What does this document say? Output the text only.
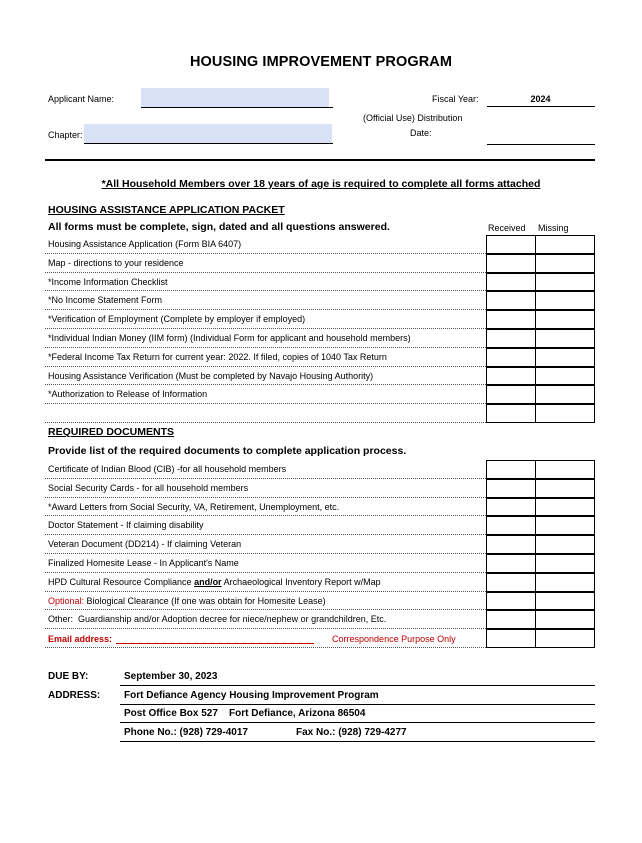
HOUSING IMPROVEMENT PROGRAM
Applicant Name:	Fiscal Year:	2024
(Official Use) Distribution
Date:
Chapter:
*All Household Members over 18 years of age is required to complete all forms attached
HOUSING ASSISTANCE APPLICATION PACKET
All forms must be complete, sign, dated and all questions answered.	Received Missing
Housing Assistance Application (Form BIA 6407)
Map - directions to your residence
*Income Information Checklist
*No Income Statement Form
*Verification of Employment (Complete by employer if employed)
*Individual Indian Money (IIM form) (Individual Form for applicant and household members)
*Federal Income Tax Return for current year: 2022. If filed, copies of 1040 Tax Return
Housing Assistance Verification (Must be completed by Navajo Housing Authority)
*Authorization to Release of Information
REQUIRED DOCUMENTS
Provide list of the required documents to complete application process.
Certificate of Indian Blood (CIB) -for all household members
Social Security Cards - for all household members
*Award Letters from Social Security, VA, Retirement, Unemployment, etc.
Doctor Statement - If claiming disability
Veteran Document (DD214) - If claiming Veteran
Finalized Homesite Lease - In Applicant's Name
HPD Cultural Resource Compliance and/or Archaeological Inventory Report w/Map
Optional: Biological Clearance (If one was obtain for Homesite Lease)
Other:  Guardianship and/or Adoption decree for niece/nephew or grandchildren, Etc.
Email address:	Correspondence Purpose Only
DUE BY:	September 30, 2023
ADDRESS: Fort Defiance Agency Housing Improvement Program
Post Office Box 527    Fort Defiance, Arizona 86504
Phone No.: (928) 729-4017	Fax No.: (928) 729-4277
